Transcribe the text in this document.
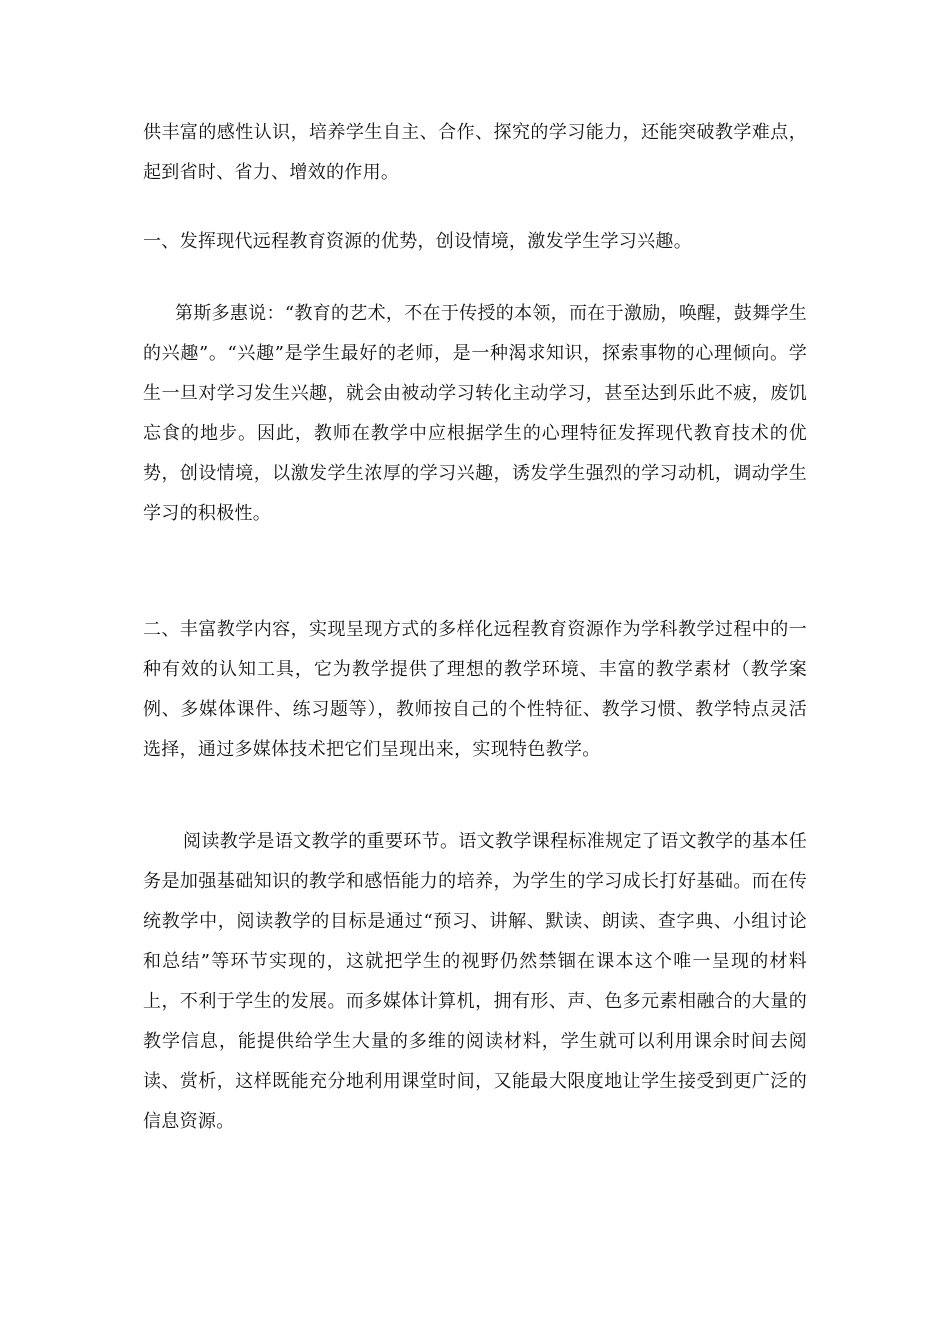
供丰富的感性认识，培养学生自主、合作、探究的学习能力，还能突破教学难点，起到省时、省力、增效的作用。

一、发挥现代远程教育资源的优势，创设情境，激发学生学习兴趣。

第斯多惠说：“教育的艺术，不在于传授的本领，而在于激励，唤醒，鼓舞学生的兴趣”。“兴趣”是学生最好的老师，是一种渴求知识，探索事物的心理倾向。学生一旦对学习发生兴趣，就会由被动学习转化主动学习，甚至达到乐此不疲，废饥忘食的地步。因此，教师在教学中应根据学生的心理特征发挥现代教育技术的优势，创设情境，以激发学生浓厚的学习兴趣，诱发学生强烈的学习动机，调动学生学习的积极性。

二、丰富教学内容，实现呈现方式的多样化远程教育资源作为学科教学过程中的一种有效的认知工具，它为教学提供了理想的教学环境、丰富的教学素材（教学案例、多媒体课件、练习题等），教师按自己的个性特征、教学习惯、教学特点灵活选择，通过多媒体技术把它们呈现出来，实现特色教学。

阅读教学是语文教学的重要环节。语文教学课程标准规定了语文教学的基本任务是加强基础知识的教学和感悟能力的培养，为学生的学习成长打好基础。而在传统教学中，阅读教学的目标是通过“预习、讲解、默读、朗读、查字典、小组讨论和总结”等环节实现的，这就把学生的视野仍然禁锢在课本这个唯一呈现的材料上，不利于学生的发展。而多媒体计算机，拥有形、声、色多元素相融合的大量的教学信息，能提供给学生大量的多维的阅读材料，学生就可以利用课余时间去阅读、赏析，这样既能充分地利用课堂时间，又能最大限度地让学生接受到更广泛的信息资源。
